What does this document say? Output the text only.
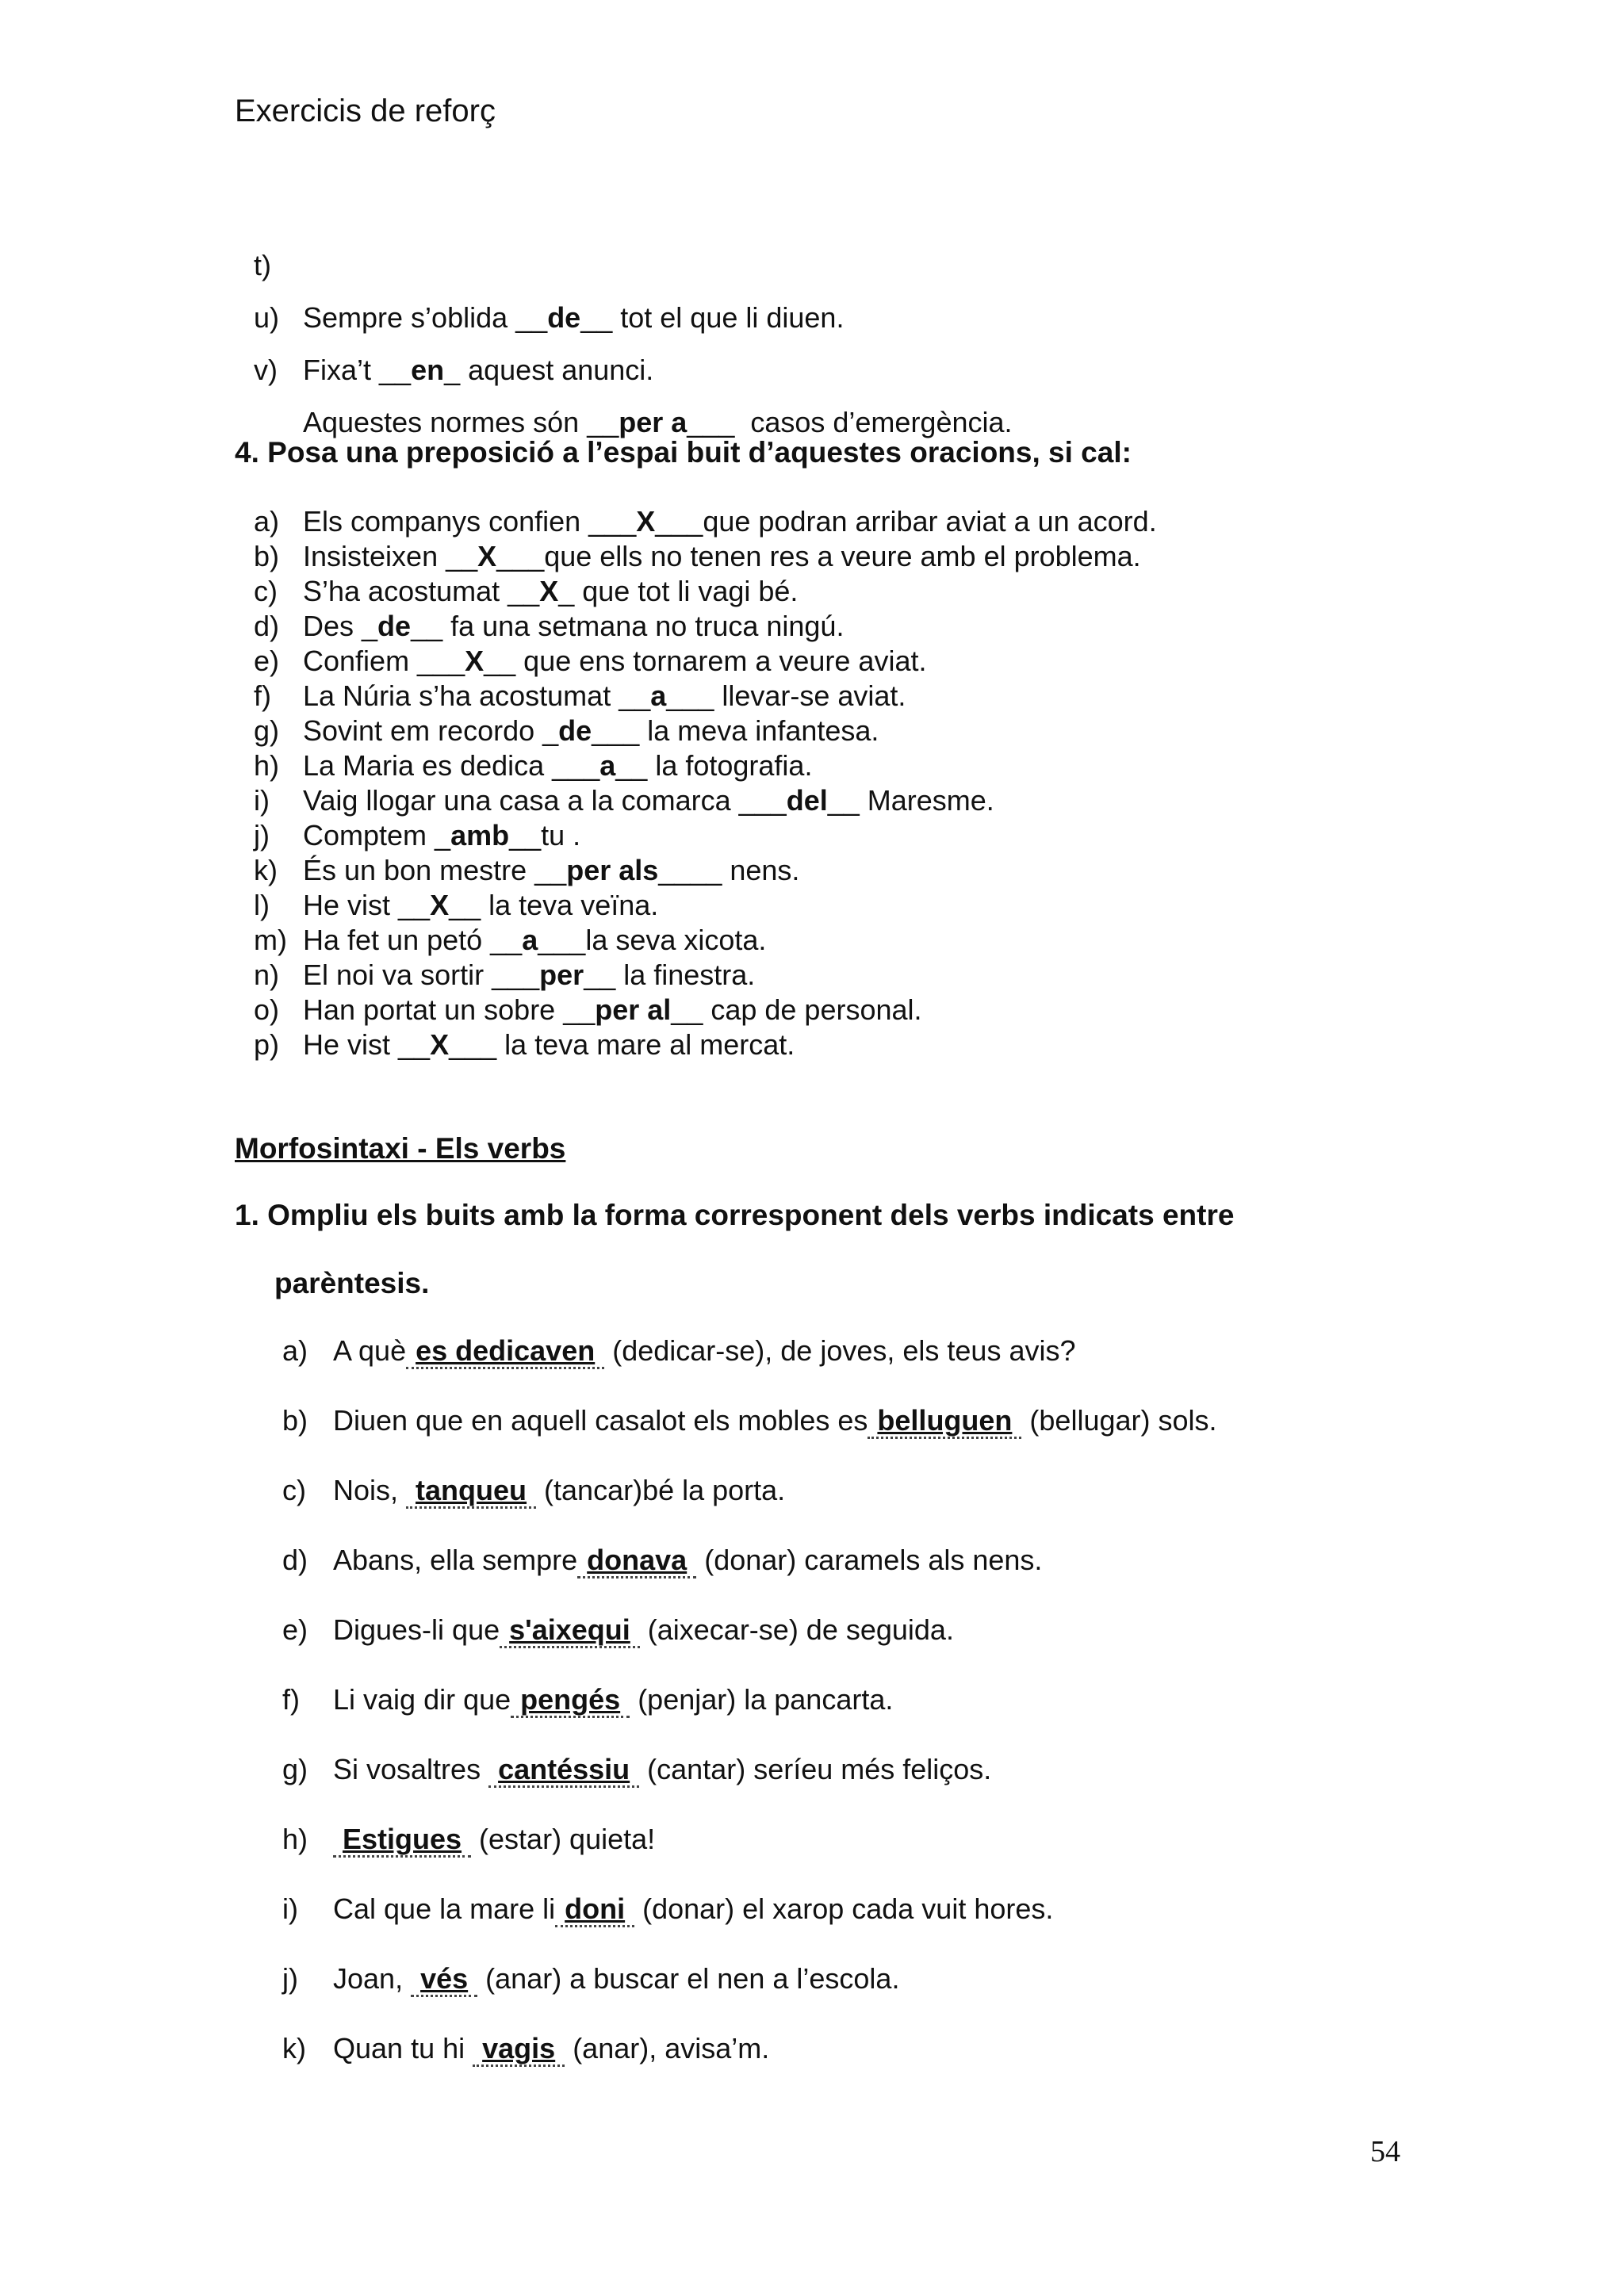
Exercicis de reforç

t)

Sempre s’oblida __de__ tot el que li diuen.

u)

Fixa’t __en_ aquest anunci.

v)

Aquestes normes són __per a___  casos d’emergència.

4. Posa una preposició a l’espai buit d’aquestes oracions, si cal:
a) Els companys confien ___X___que podran arribar aviat a un acord.
b) Insisteixen __X___que ells no tenen res a veure amb el problema.
c) S’ha acostumat __X_ que tot li vagi bé.
d) Des _de__ fa una setmana no truca ningú.
e) Confiem ___X__ que ens tornarem a veure aviat.
f) La Núria s’ha acostumat __a___ llevar-se aviat.
g) Sovint em recordo _de___ la meva infantesa.
h) La Maria es dedica ___a__ la fotografia.
i) Vaig llogar una casa a la comarca ___del__ Maresme.
j) Comptem _amb__tu .
k) És un bon mestre __per als____ nens.
l) He vist __X__ la teva veïna.
m) Ha fet un petó __a___la seva xicota.
n) El noi va sortir ___per__ la finestra.
o) Han portat un sobre __per al__ cap de personal.
p) He vist __X___ la teva mare al mercat.
Morfosintaxi - Els verbs
1. Ompliu els buits amb la forma corresponent dels verbs indicats entre
parèntesis.
a) A què es dedicaven (dedicar-se), de joves, els teus avis?
b) Diuen que en aquell casalot els mobles es belluguen (bellugar) sols.
c) Nois, tanqueu (tancar)bé la porta.
d) Abans, ella sempre donava (donar) caramels als nens.
e) Digues-li que s'aixequi (aixecar-se) de seguida.
f) Li vaig dir que pengés (penjar) la pancarta.
g) Si vosaltres cantéssiu (cantar) seríeu més feliços.
h)	Estigues (estar) quieta!
i) Cal que la mare li doni (donar) el xarop cada vuit hores.
j) Joan, vés (anar) a buscar el nen a l’escola.
k) Quan tu hi vagis (anar), avisa’m.
54
